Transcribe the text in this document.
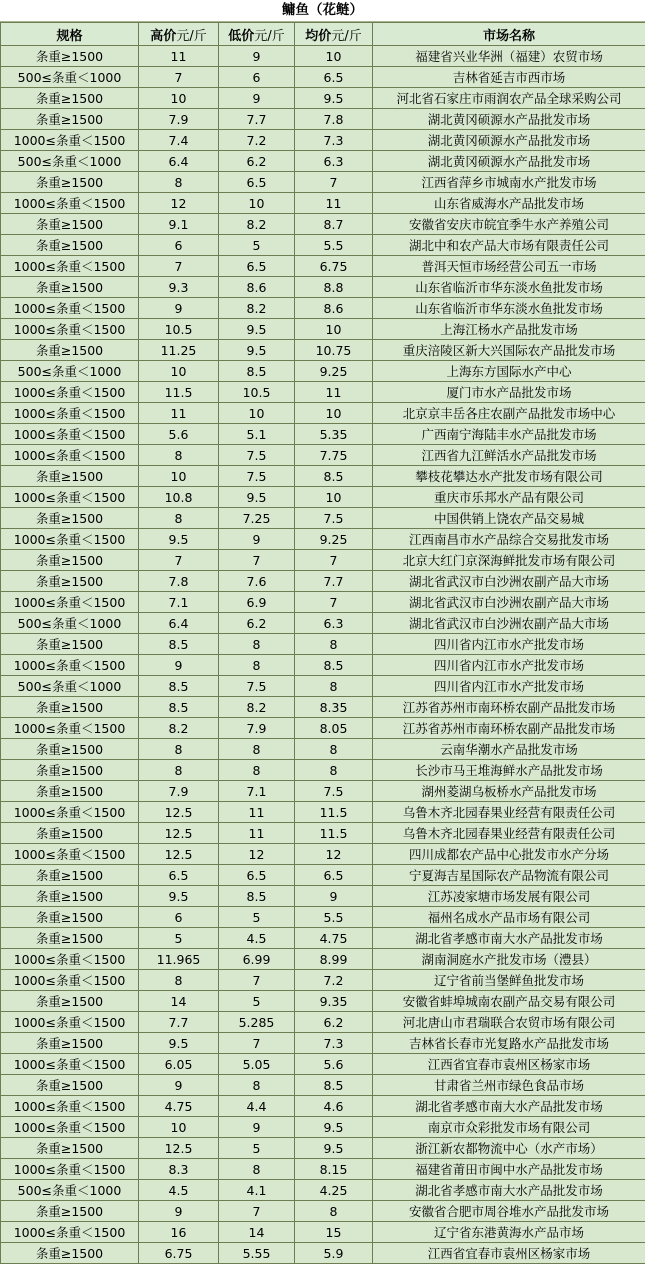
鳙鱼（花鲢）
规格	高价元/斤	低价元/斤	均价元/斤	市场名称
条重≥1500	11	9	10	福建省兴业华洲（福建）农贸市场
500≤条重＜1000	7	6	6.5	吉林省延吉市西市场
条重≥1500	10	9	9.5	河北省石家庄市雨润农产品全球采购公司
条重≥1500	7.9	7.7	7.8	湖北黄冈硕源水产品批发市场
1000≤条重＜1500	7.4	7.2	7.3	湖北黄冈硕源水产品批发市场
500≤条重＜1000	6.4	6.2	6.3	湖北黄冈硕源水产品批发市场
条重≥1500	8	6.5	7	江西省萍乡市城南水产批发市场
1000≤条重＜1500	12	10	11	山东省威海水产品批发市场
条重≥1500	9.1	8.2	8.7	安徽省安庆市皖宜季牛水产养殖公司
条重≥1500	6	5	5.5	湖北中和农产品大市场有限责任公司
1000≤条重＜1500	7	6.5	6.75	普洱天恒市场经营公司五一市场
条重≥1500	9.3	8.6	8.8	山东省临沂市华东淡水鱼批发市场
1000≤条重＜1500	9	8.2	8.6	山东省临沂市华东淡水鱼批发市场
1000≤条重＜1500	10.5	9.5	10	上海江杨水产品批发市场
条重≥1500	11.25	9.5	10.75	重庆涪陵区新大兴国际农产品批发市场
500≤条重＜1000	10	8.5	9.25	上海东方国际水产中心
1000≤条重＜1500	11.5	10.5	11	厦门市水产品批发市场
1000≤条重＜1500	11	10	10	北京京丰岳各庄农副产品批发市场中心
1000≤条重＜1500	5.6	5.1	5.35	广西南宁海陆丰水产品批发市场
1000≤条重＜1500	8	7.5	7.75	江西省九江鲜活水产品批发市场
条重≥1500	10	7.5	8.5	攀枝花攀达水产批发市场有限公司
1000≤条重＜1500	10.8	9.5	10	重庆市乐邦水产品有限公司
条重≥1500	8	7.25	7.5	中国供销上饶农产品交易城
1000≤条重＜1500	9.5	9	9.25	江西南昌市水产品综合交易批发市场
条重≥1500	7	7	7	北京大红门京深海鲜批发市场有限公司
条重≥1500	7.8	7.6	7.7	湖北省武汉市白沙洲农副产品大市场
1000≤条重＜1500	7.1	6.9	7	湖北省武汉市白沙洲农副产品大市场
500≤条重＜1000	6.4	6.2	6.3	湖北省武汉市白沙洲农副产品大市场
条重≥1500	8.5	8	8	四川省内江市水产批发市场
1000≤条重＜1500	9	8	8.5	四川省内江市水产批发市场
500≤条重＜1000	8.5	7.5	8	四川省内江市水产批发市场
条重≥1500	8.5	8.2	8.35	江苏省苏州市南环桥农副产品批发市场
1000≤条重＜1500	8.2	7.9	8.05	江苏省苏州市南环桥农副产品批发市场
条重≥1500	8	8	8	云南华潮水产品批发市场
条重≥1500	8	8	8	长沙市马王堆海鲜水产品批发市场
条重≥1500	7.9	7.1	7.5	湖州菱湖乌板桥水产品批发市场
1000≤条重＜1500	12.5	11	11.5	乌鲁木齐北园春果业经营有限责任公司
条重≥1500	12.5	11	11.5	乌鲁木齐北园春果业经营有限责任公司
1000≤条重＜1500	12.5	12	12	四川成都农产品中心批发市水产分场
条重≥1500	6.5	6.5	6.5	宁夏海吉星国际农产品物流有限公司
条重≥1500	9.5	8.5	9	江苏凌家塘市场发展有限公司
条重≥1500	6	5	5.5	福州名成水产品市场有限公司
条重≥1500	5	4.5	4.75	湖北省孝感市南大水产品批发市场
1000≤条重＜1500	11.965	6.99	8.99	湖南洞庭水产批发市场（澧县）
1000≤条重＜1500	8	7	7.2	辽宁省前当堡鲜鱼批发市场
条重≥1500	14	5	9.35	安徽省蚌埠城南农副产品交易有限公司
1000≤条重＜1500	7.7	5.285	6.2	河北唐山市君瑞联合农贸市场有限公司
条重≥1500	9.5	7	7.3	吉林省长春市光复路水产品批发市场
1000≤条重＜1500	6.05	5.05	5.6	江西省宜春市袁州区杨家市场
条重≥1500	9	8	8.5	甘肃省兰州市绿色食品市场
1000≤条重＜1500	4.75	4.4	4.6	湖北省孝感市南大水产品批发市场
1000≤条重＜1500	10	9	9.5	南京市众彩批发市场有限公司
条重≥1500	12.5	5	9.5	浙江新农都物流中心（水产市场）
1000≤条重＜1500	8.3	8	8.15	福建省莆田市闽中水产品批发市场
500≤条重＜1000	4.5	4.1	4.25	湖北省孝感市南大水产品批发市场
条重≥1500	9	7	8	安徽省合肥市周谷堆水产品批发市场
1000≤条重＜1500	16	14	15	辽宁省东港黄海水产品市场
条重≥1500	6.75	5.55	5.9	江西省宜春市袁州区杨家市场
